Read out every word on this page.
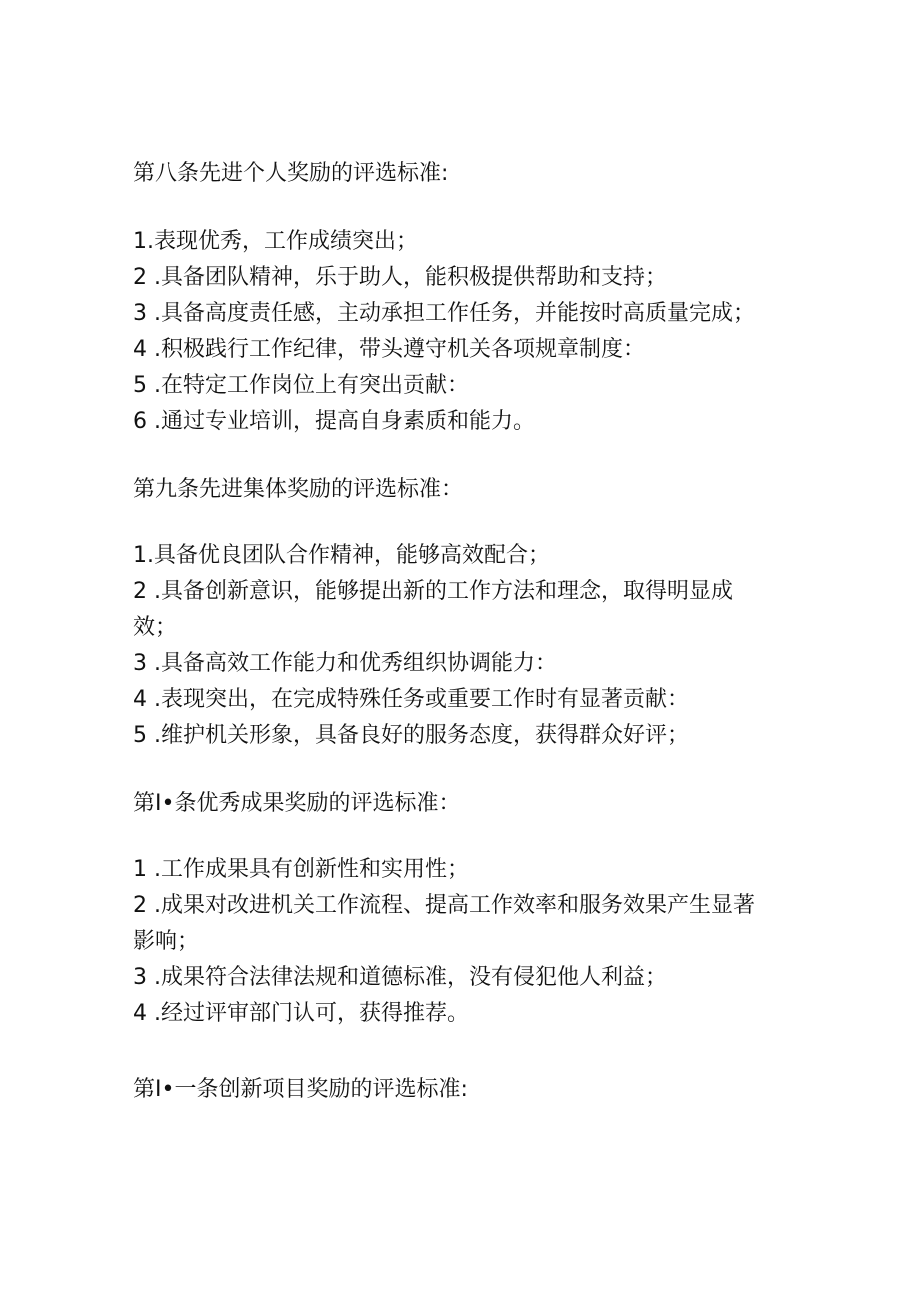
第八条先进个人奖励的评选标准:
1.表现优秀，工作成绩突出；
2 .具备团队精神，乐于助人，能积极提供帮助和支持；
3 .具备高度责任感，主动承担工作任务，并能按时高质量完成；
4 .积极践行工作纪律，带头遵守机关各项规章制度：
5 .在特定工作岗位上有突出贡献：
6 .通过专业培训，提高自身素质和能力。
第九条先进集体奖励的评选标准：
1.具备优良团队合作精神，能够高效配合；
2 .具备创新意识，能够提出新的工作方法和理念，取得明显成
效；
3 .具备高效工作能力和优秀组织协调能力：
4 .表现突出，在完成特殊任务或重要工作时有显著贡献：
5 .维护机关形象，具备良好的服务态度，获得群众好评；
第I•条优秀成果奖励的评选标准：
1 .工作成果具有创新性和实用性；
2 .成果对改进机关工作流程、提高工作效率和服务效果产生显著
影响；
3 .成果符合法律法规和道德标准，没有侵犯他人利益；
4 .经过评审部门认可，获得推荐。
第I•一条创新项目奖励的评选标准:
